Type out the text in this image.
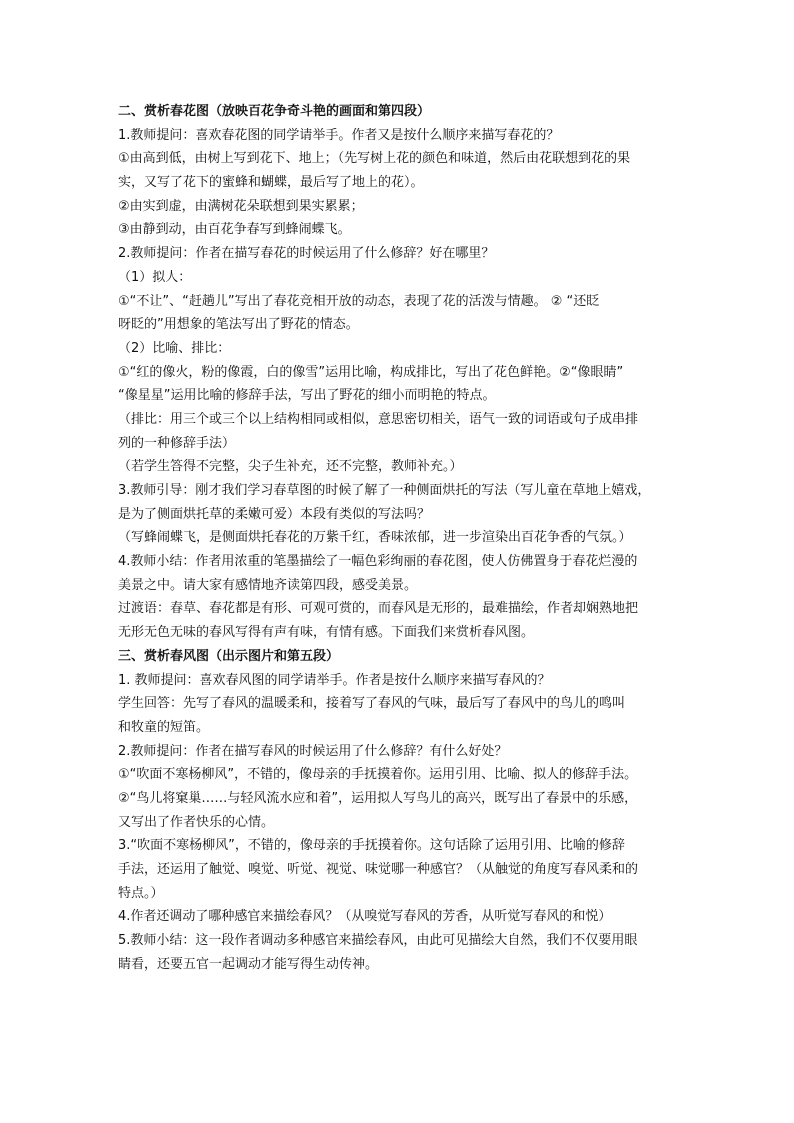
二、赏析春花图（放映百花争奇斗艳的画面和第四段）
1.教师提问：喜欢春花图的同学请举手。作者又是按什么顺序来描写春花的？
①由高到低，由树上写到花下、地上；（先写树上花的颜色和味道，然后由花联想到花的果
实，又写了花下的蜜蜂和蝴蝶，最后写了地上的花）。
②由实到虚，由满树花朵联想到果实累累；
③由静到动，由百花争春写到蜂闹蝶飞。
2.教师提问：作者在描写春花的时候运用了什么修辞？好在哪里？
（1）拟人：
①“不让”、“赶趟儿”写出了春花竞相开放的动态，表现了花的活泼与情趣。 ② “还眨
呀眨的”用想象的笔法写出了野花的情态。
（2）比喻、排比：
①“红的像火，粉的像霞，白的像雪”运用比喻，构成排比，写出了花色鲜艳。②“像眼睛”
“像星星”运用比喻的修辞手法，写出了野花的细小而明艳的特点。
（排比：用三个或三个以上结构相同或相似，意思密切相关，语气一致的词语或句子成串排
列的一种修辞手法）
（若学生答得不完整，尖子生补充，还不完整，教师补充。）
3.教师引导：刚才我们学习春草图的时候了解了一种侧面烘托的写法（写儿童在草地上嬉戏，
是为了侧面烘托草的柔嫩可爱）本段有类似的写法吗？
（写蜂闹蝶飞，是侧面烘托春花的万紫千红，香味浓郁，进一步渲染出百花争香的气氛。）
4.教师小结：作者用浓重的笔墨描绘了一幅色彩绚丽的春花图，使人仿佛置身于春花烂漫的
美景之中。请大家有感情地齐读第四段，感受美景。
过渡语：春草、春花都是有形、可观可赏的，而春风是无形的，最难描绘，作者却娴熟地把
无形无色无味的春风写得有声有味，有情有感。下面我们来赏析春风图。
三、赏析春风图（出示图片和第五段）
1. 教师提问：喜欢春风图的同学请举手。作者是按什么顺序来描写春风的？
学生回答：先写了春风的温暖柔和，接着写了春风的气味，最后写了春风中的鸟儿的鸣叫
和牧童的短笛。
2.教师提问：作者在描写春风的时候运用了什么修辞？有什么好处？
①“吹面不寒杨柳风”，不错的，像母亲的手抚摸着你。运用引用、比喻、拟人的修辞手法。
②“鸟儿将窠巢……与轻风流水应和着”，运用拟人写鸟儿的高兴，既写出了春景中的乐感，
又写出了作者快乐的心情。
3.“吹面不寒杨柳风”，不错的，像母亲的手抚摸着你。这句话除了运用引用、比喻的修辞
手法，还运用了触觉、嗅觉、听觉、视觉、味觉哪一种感官？（从触觉的角度写春风柔和的
特点。）
4.作者还调动了哪种感官来描绘春风？（从嗅觉写春风的芳香，从听觉写春风的和悦）
5.教师小结：这一段作者调动多种感官来描绘春风，由此可见描绘大自然，我们不仅要用眼
睛看，还要五官一起调动才能写得生动传神。
